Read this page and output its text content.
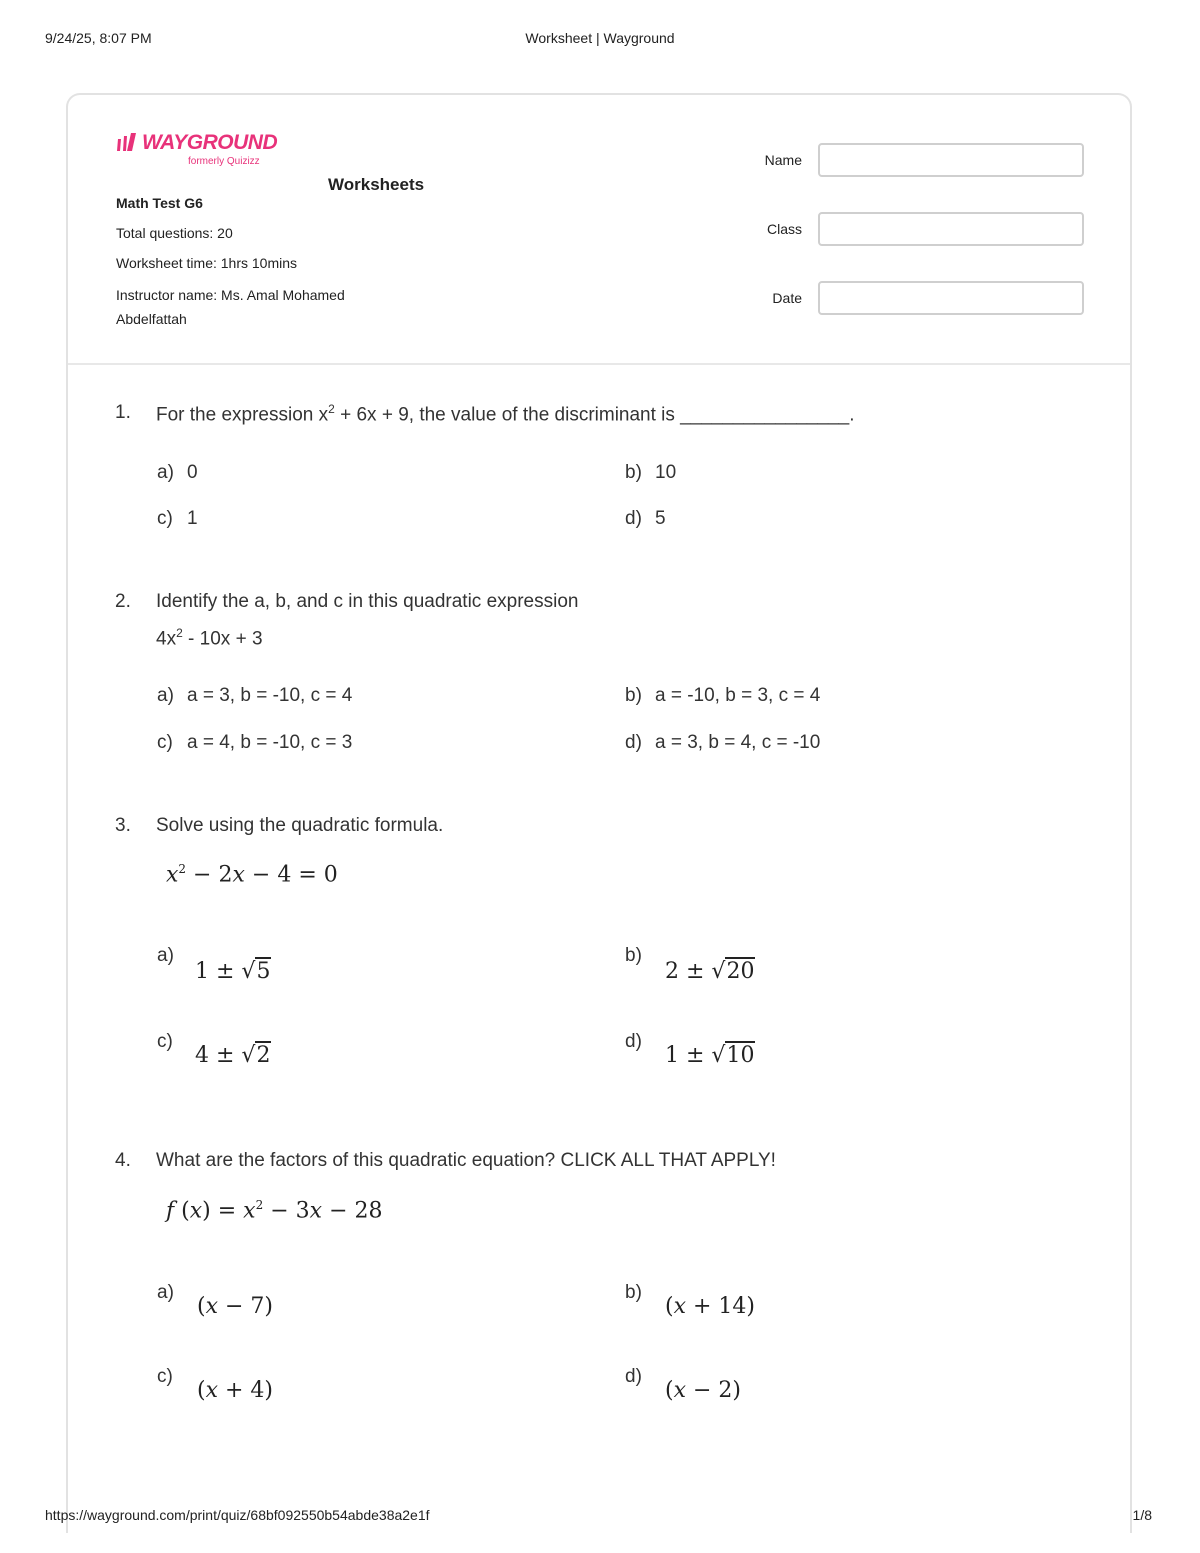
9/24/25, 8:07 PM	Worksheet | Wayground
WAYGROUND
formerly Quizizz
Worksheets
Math Test G6
Total questions: 20
Worksheet time: 1hrs 10mins
Instructor name: Ms. Amal Mohamed Abdelfattah
Name
Class
Date
1. For the expression $x^2 + 6x + 9$, the value of the discriminant is ________________.
a) 0	b) 10
c) 1	d) 5
2. Identify the a, b, and c in this quadratic expression
$4x^2 - 10x + 3$
a) a = 3, b = -10, c = 4	b) a = -10, b = 3, c = 4
c) a = 4, b = -10, c = 3	d) a = 3, b = 4, c = -10
3. Solve using the quadratic formula.
$x^2 - 2x - 4 = 0$
a)
1 ± √5
b)
2 ± √20
c)
4 ± √2
d)
1 ± √10
4. What are the factors of this quadratic equation? CLICK ALL THAT APPLY!
f $(x) = x^2 - 3x - 28$
a)
(x − 7)
b)
(x + 14)
c)
(x + 4)
d)
(x − 2)
https://wayground.com/print/quiz/68bf092550b54abde38a2e1f	1/8
